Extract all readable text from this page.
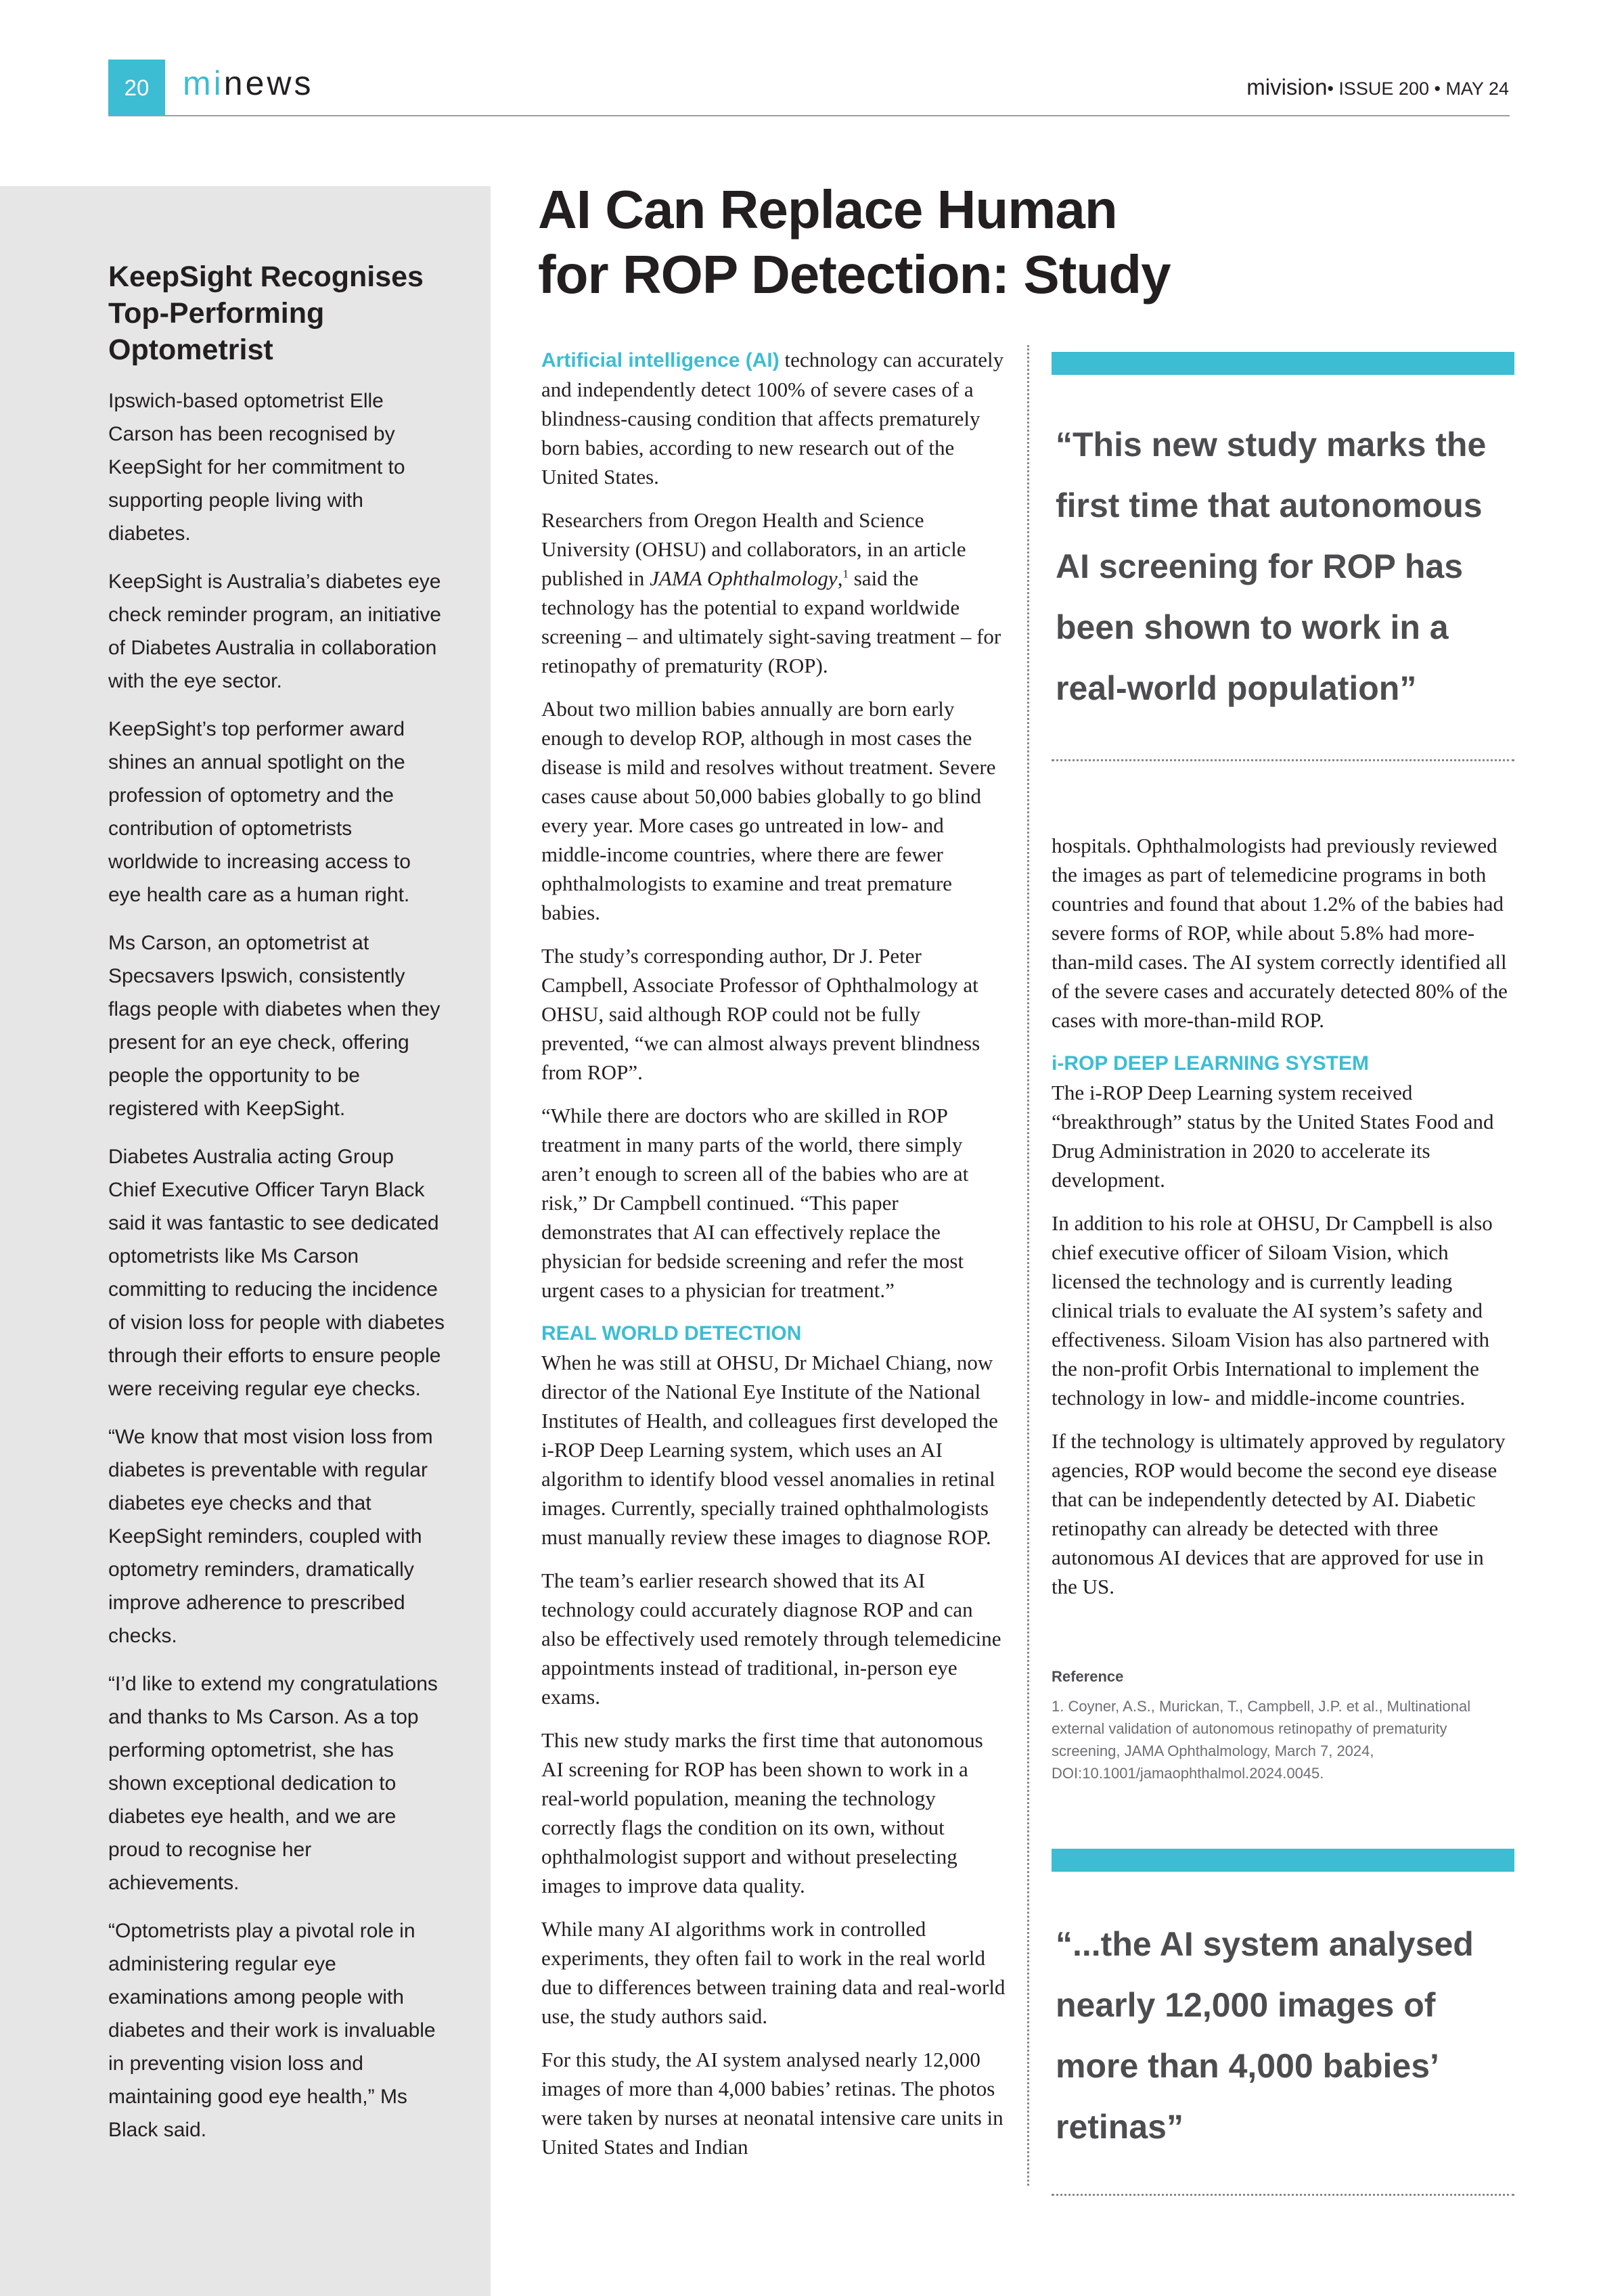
20 minews	mivision• ISSUE 200 • MAY 24
KeepSight Recognises Top-Performing Optometrist

Ipswich-based optometrist Elle Carson has been recognised by KeepSight for her commitment to supporting people living with diabetes.

KeepSight is Australia’s diabetes eye check reminder program, an initiative of Diabetes Australia in collaboration with the eye sector.

KeepSight’s top performer award shines an annual spotlight on the profession of optometry and the contribution of optometrists worldwide to increasing access to eye health care as a human right.

Ms Carson, an optometrist at Specsavers Ipswich, consistently flags people with diabetes when they present for an eye check, offering people the opportunity to be registered with KeepSight.

Diabetes Australia acting Group Chief Executive Officer Taryn Black said it was fantastic to see dedicated optometrists like Ms Carson committing to reducing the incidence of vision loss for people with diabetes through their efforts to ensure people were receiving regular eye checks.

“We know that most vision loss from diabetes is preventable with regular diabetes eye checks and that KeepSight reminders, coupled with optometry reminders, dramatically improve adherence to prescribed checks.

“I’d like to extend my congratulations and thanks to Ms Carson. As a top performing optometrist, she has shown exceptional dedication to diabetes eye health, and we are proud to recognise her achievements.

“Optometrists play a pivotal role in administering regular eye examinations among people with diabetes and their work is invaluable in preventing vision loss and maintaining good eye health,” Ms Black said.

AI Can Replace Human
for ROP Detection: Study

Artificial intelligence (AI) technology can accurately and independently detect 100% of severe cases of a blindness-causing condition that affects prematurely born babies, according to new research out of the United States.

Researchers from Oregon Health and Science University (OHSU) and collaborators, in an article published in JAMA Ophthalmology,$^1$ said the technology has the potential to expand worldwide screening – and ultimately sight-saving treatment – for retinopathy of prematurity (ROP).

About two million babies annually are born early enough to develop ROP, although in most cases the disease is mild and resolves without treatment. Severe cases cause about 50,000 babies globally to go blind every year. More cases go untreated in low- and middle-income countries, where there are fewer ophthalmologists to examine and treat premature babies.

The study’s corresponding author, Dr J. Peter Campbell, Associate Professor of Ophthalmology at OHSU, said although ROP could not be fully prevented, “we can almost always prevent blindness from ROP”.

“While there are doctors who are skilled in ROP treatment in many parts of the world, there simply aren’t enough to screen all of the babies who are at risk,” Dr Campbell continued. “This paper demonstrates that AI can effectively replace the physician for bedside screening and refer the most urgent cases to a physician for treatment.”

REAL WORLD DETECTION

When he was still at OHSU, Dr Michael Chiang, now director of the National Eye Institute of the National Institutes of Health, and colleagues first developed the i-ROP Deep Learning system, which uses an AI algorithm to identify blood vessel anomalies in retinal images. Currently, specially trained ophthalmologists must manually review these images to diagnose ROP.

The team’s earlier research showed that its AI technology could accurately diagnose ROP and can also be effectively used remotely through telemedicine appointments instead of traditional, in-person eye exams.

This new study marks the first time that autonomous AI screening for ROP has been shown to work in a real-world population, meaning the technology correctly flags the condition on its own, without ophthalmologist support and without preselecting images to improve data quality.

While many AI algorithms work in controlled experiments, they often fail to work in the real world due to differences between training data and real-world use, the study authors said.

For this study, the AI system analysed nearly 12,000 images of more than 4,000 babies’ retinas. The photos were taken by nurses at neonatal intensive care units in United States and Indian

“This new study marks the first time that autonomous AI screening for ROP has been shown to work in a real-world population”

hospitals. Ophthalmologists had previously reviewed the images as part of telemedicine programs in both countries and found that about 1.2% of the babies had severe forms of ROP, while about 5.8% had more-than-mild cases. The AI system correctly identified all of the severe cases and accurately detected 80% of the cases with more-than-mild ROP.

i-ROP DEEP LEARNING SYSTEM

The i-ROP Deep Learning system received “breakthrough” status by the United States Food and Drug Administration in 2020 to accelerate its development.

In addition to his role at OHSU, Dr Campbell is also chief executive officer of Siloam Vision, which licensed the technology and is currently leading clinical trials to evaluate the AI system’s safety and effectiveness. Siloam Vision has also partnered with the non-profit Orbis International to implement the technology in low- and middle-income countries.

If the technology is ultimately approved by regulatory agencies, ROP would become the second eye disease that can be independently detected by AI. Diabetic retinopathy can already be detected with three autonomous AI devices that are approved for use in the US.

Reference
1. Coyner, A.S., Murickan, T., Campbell, J.P. et al., Multinational external validation of autonomous retinopathy of prematurity screening, JAMA Ophthalmology, March 7, 2024, DOI:10.1001/jamaophthalmol.2024.0045.
“...the AI system analysed nearly 12,000 images of more than 4,000 babies’ retinas”
